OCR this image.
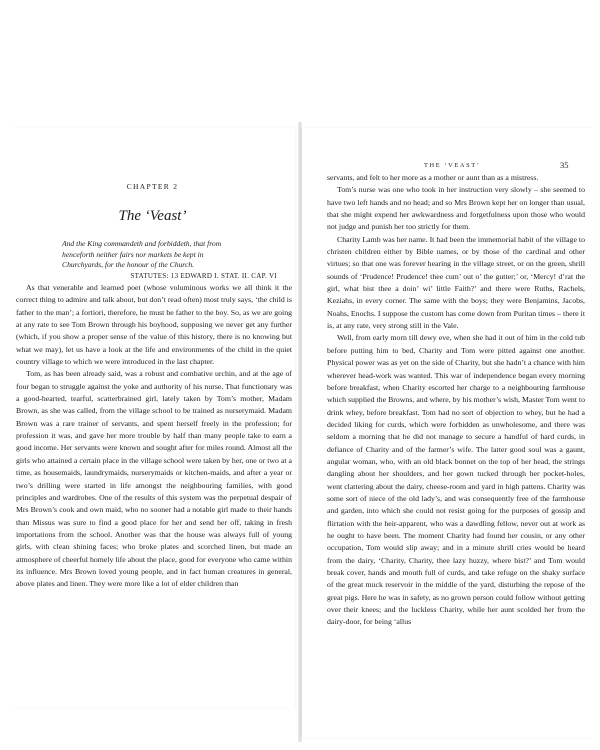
CHAPTER 2
The ‘Veast’
And the King commandeth and forbiddeth, that from
henceforth neither fairs nor markets be kept in
Churchyards, for the honour of the Church.
STATUTES: 13 EDWARD I. STAT. II. CAP. VI

As that venerable and learned poet (whose voluminous works we all think it the correct thing to admire and talk about, but don’t read often) most truly says, ‘the child is father to the man’; a fortiori, therefore, he must be father to the boy. So, as we are going at any rate to see Tom Brown through his boyhood, supposing we never get any further (which, if you show a proper sense of the value of this history, there is no knowing but what we may), let us have a look at the life and environments of the child in the quiet country village to which we were introduced in the last chapter.

Tom, as has been already said, was a robust and combative urchin, and at the age of four began to struggle against the yoke and authority of his nurse. That functionary was a good-hearted, tearful, scatterbrained girl, lately taken by Tom’s mother, Madam Brown, as she was called, from the village school to be trained as nurserymaid. Madam Brown was a rare trainer of servants, and spent herself freely in the profession; for profession it was, and gave her more trouble by half than many people take to earn a good income. Her servants were known and sought after for miles round. Almost all the girls who attained a certain place in the village school were taken by her, one or two at a time, as housemaids, laundrymaids, nurserymaids or kitchen-maids, and after a year or two’s drilling were started in life amongst the neighbouring families, with good principles and wardrobes. One of the results of this system was the perpetual despair of Mrs Brown’s cook and own maid, who no sooner had a notable girl made to their hands than Missus was sure to find a good place for her and send her off, taking in fresh importations from the school. Another was that the house was always full of young girls, with clean shining faces; who broke plates and scorched linen, but made an atmosphere of cheerful homely life about the place, good for everyone who came within its influence. Mrs Brown loved young people, and in fact human creatures in general, above plates and linen. They were more like a lot of elder children than

THE ‘VEAST’	35

servants, and felt to her more as a mother or aunt than as a mistress.

Tom’s nurse was one who took in her instruction very slowly – she seemed to have two left hands and no head; and so Mrs Brown kept her on longer than usual, that she might expend her awkwardness and forgetfulness upon those who would not judge and punish her too strictly for them.

Charity Lamb was her name. It had been the immemorial habit of the village to christen children either by Bible names, or by those of the cardinal and other virtues; so that one was forever hearing in the village street, or on the green, shrill sounds of ‘Prudence! Prudence! thee cum’ out o’ the gutter;’ or, ‘Mercy! d’rat the girl, what bist thee a doin’ wi’ little Faith?’ and there were Ruths, Rachels, Keziahs, in every corner. The same with the boys; they were Benjamins, Jacobs, Noahs, Enochs. I suppose the custom has come down from Puritan times – there it is, at any rate, very strong still in the Vale.

Well, from early morn till dewy eve, when she had it out of him in the cold tub before putting him to bed, Charity and Tom were pitted against one another. Physical power was as yet on the side of Charity, but she hadn’t a chance with him wherever head-work was wanted. This war of independence began every morning before breakfast, when Charity escorted her charge to a neighbouring farmhouse which supplied the Browns, and where, by his mother’s wish, Master Tom went to drink whey, before breakfast. Tom had no sort of objection to whey, but he had a decided liking for curds, which were forbidden as unwholesome, and there was seldom a morning that he did not manage to secure a handful of hard curds, in defiance of Charity and of the farmer’s wife. The latter good soul was a gaunt, angular woman, who, with an old black bonnet on the top of her head, the strings dangling about her shoulders, and her gown tucked through her pocket-holes, went clattering about the dairy, cheese-room and yard in high pattens. Charity was some sort of niece of the old lady’s, and was consequently free of the farmhouse and garden, into which she could not resist going for the purposes of gossip and flirtation with the heir-apparent, who was a dawdling fellow, never out at work as he ought to have been. The moment Charity had found her cousin, or any other occupation, Tom would slip away; and in a minute shrill cries would be heard from the dairy, ‘Charity, Charity, thee lazy huzzy, where bist?’ and Tom would break cover, hands and mouth full of curds, and take refuge on the shaky surface of the great muck reservoir in the middle of the yard, disturbing the repose of the great pigs. Here he was in safety, as no grown person could follow without getting over their knees; and the luckless Charity, while her aunt scolded her from the dairy-door, for being ‘allus
